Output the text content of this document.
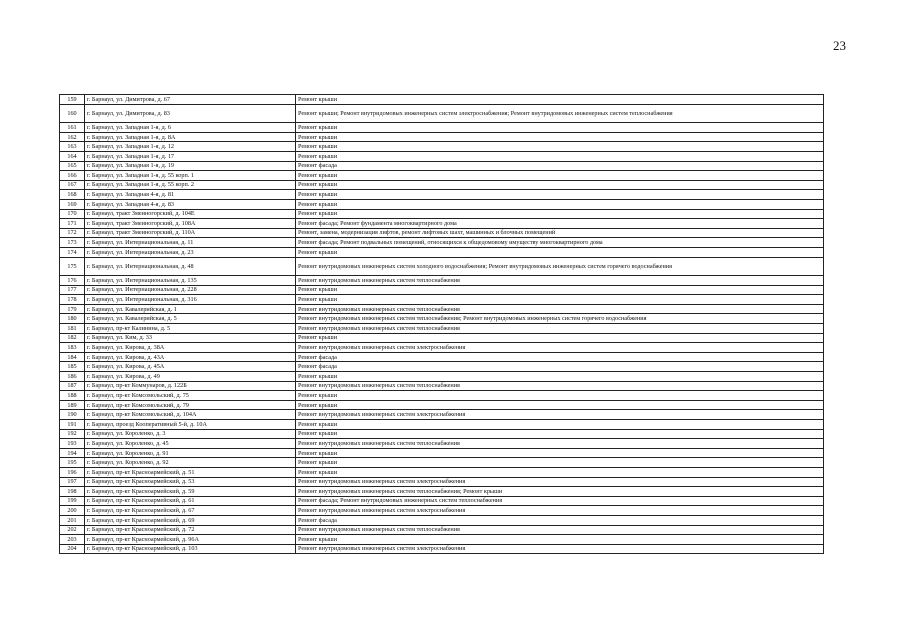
23
159	г. Барнаул, ул. Димитрова, д. 67	Ремонт крыши
160	г. Барнаул, ул. Димитрова, д. 83	Ремонт крыши; Ремонт внутридомовых инженерных систем электроснабжения; Ремонт внутридомовых инженерных систем теплоснабжения
161	г. Барнаул, ул. Западная 1-я, д. 6	Ремонт крыши
162	г. Барнаул, ул. Западная 1-я, д. 8А	Ремонт крыши
163	г. Барнаул, ул. Западная 1-я, д. 12	Ремонт крыши
164	г. Барнаул, ул. Западная 1-я, д. 17	Ремонт крыши
165	г. Барнаул, ул. Западная 1-я, д. 19	Ремонт фасада
166	г. Барнаул, ул. Западная 1-я, д. 55 корп. 1	Ремонт крыши
167	г. Барнаул, ул. Западная 1-я, д. 55 корп. 2	Ремонт крыши
168	г. Барнаул, ул. Западная 4-я, д. 81	Ремонт крыши
169	г. Барнаул, ул. Западная 4-я, д. 83	Ремонт крыши
170	г. Барнаул, тракт Змеиногорский, д. 104Е	Ремонт крыши
171	г. Барнаул, тракт Змеиногорский, д. 108А	Ремонт фасада; Ремонт фундамента многоквартирного дома
172	г. Барнаул, тракт Змеиногорский, д. 110А	Ремонт, замена, модернизация лифтов, ремонт лифтовых шахт, машинных и блочных помещений
173	г. Барнаул, ул. Интернациональная, д. 11	Ремонт фасада; Ремонт подвальных помещений, относящихся к общедомовому имуществу многоквартирного дома
174	г. Барнаул, ул. Интернациональная, д. 23	Ремонт крыши
175	г. Барнаул, ул. Интернациональная, д. 48	Ремонт внутридомовых инженерных систем холодного водоснабжения; Ремонт внутридомовых инженерных систем горячего водоснабжения
176	г. Барнаул, ул. Интернациональная, д. 135	Ремонт внутридомовых инженерных систем теплоснабжения
177	г. Барнаул, ул. Интернациональная, д. 228	Ремонт крыши
178	г. Барнаул, ул. Интернациональная, д. 316	Ремонт крыши
179	г. Барнаул, ул. Кавалерийская, д. 1	Ремонт внутридомовых инженерных систем теплоснабжения
180	г. Барнаул, ул. Кавалерийская, д. 5	Ремонт внутридомовых инженерных систем теплоснабжения; Ремонт внутридомовых инженерных систем горячего водоснабжения
181	г. Барнаул, пр-кт Калинина, д. 5	Ремонт внутридомовых инженерных систем теплоснабжения
182	г. Барнаул, ул. Ким, д. 33	Ремонт крыши
183	г. Барнаул, ул. Кирова, д. 38А	Ремонт внутридомовых инженерных систем электроснабжения
184	г. Барнаул, ул. Кирова, д. 43А	Ремонт фасада
185	г. Барнаул, ул. Кирова, д. 45А	Ремонт фасада
186	г. Барнаул, ул. Кирова, д. 49	Ремонт крыши
187	г. Барнаул, пр-кт Коммунаров, д. 122Б	Ремонт внутридомовых инженерных систем теплоснабжения
188	г. Барнаул, пр-кт Комсомольский, д. 75	Ремонт крыши
189	г. Барнаул, пр-кт Комсомольский, д. 79	Ремонт крыши
190	г. Барнаул, пр-кт Комсомольский, д. 104А	Ремонт внутридомовых инженерных систем электроснабжения
191	г. Барнаул, проезд Кооперативный 5-й, д. 10А	Ремонт крыши
192	г. Барнаул, ул. Короленко, д. 3	Ремонт крыши
193	г. Барнаул, ул. Короленко, д. 45	Ремонт внутридомовых инженерных систем теплоснабжения
194	г. Барнаул, ул. Короленко, д. 91	Ремонт крыши
195	г. Барнаул, ул. Короленко, д. 92	Ремонт крыши
196	г. Барнаул, пр-кт Красноармейский, д. 51	Ремонт крыши
197	г. Барнаул, пр-кт Красноармейский, д. 53	Ремонт внутридомовых инженерных систем электроснабжения
198	г. Барнаул, пр-кт Красноармейский, д. 59	Ремонт внутридомовых инженерных систем теплоснабжения; Ремонт крыши
199	г. Барнаул, пр-кт Красноармейский, д. 61	Ремонт фасада; Ремонт внутридомовых инженерных систем теплоснабжения
200	г. Барнаул, пр-кт Красноармейский, д. 67	Ремонт внутридомовых инженерных систем электроснабжения
201	г. Барнаул, пр-кт Красноармейский, д. 69	Ремонт фасада
202	г. Барнаул, пр-кт Красноармейский, д. 72	Ремонт внутридомовых инженерных систем теплоснабжения
203	г. Барнаул, пр-кт Красноармейский, д. 96А	Ремонт крыши
204	г. Барнаул, пр-кт Красноармейский, д. 103	Ремонт внутридомовых инженерных систем электроснабжения
